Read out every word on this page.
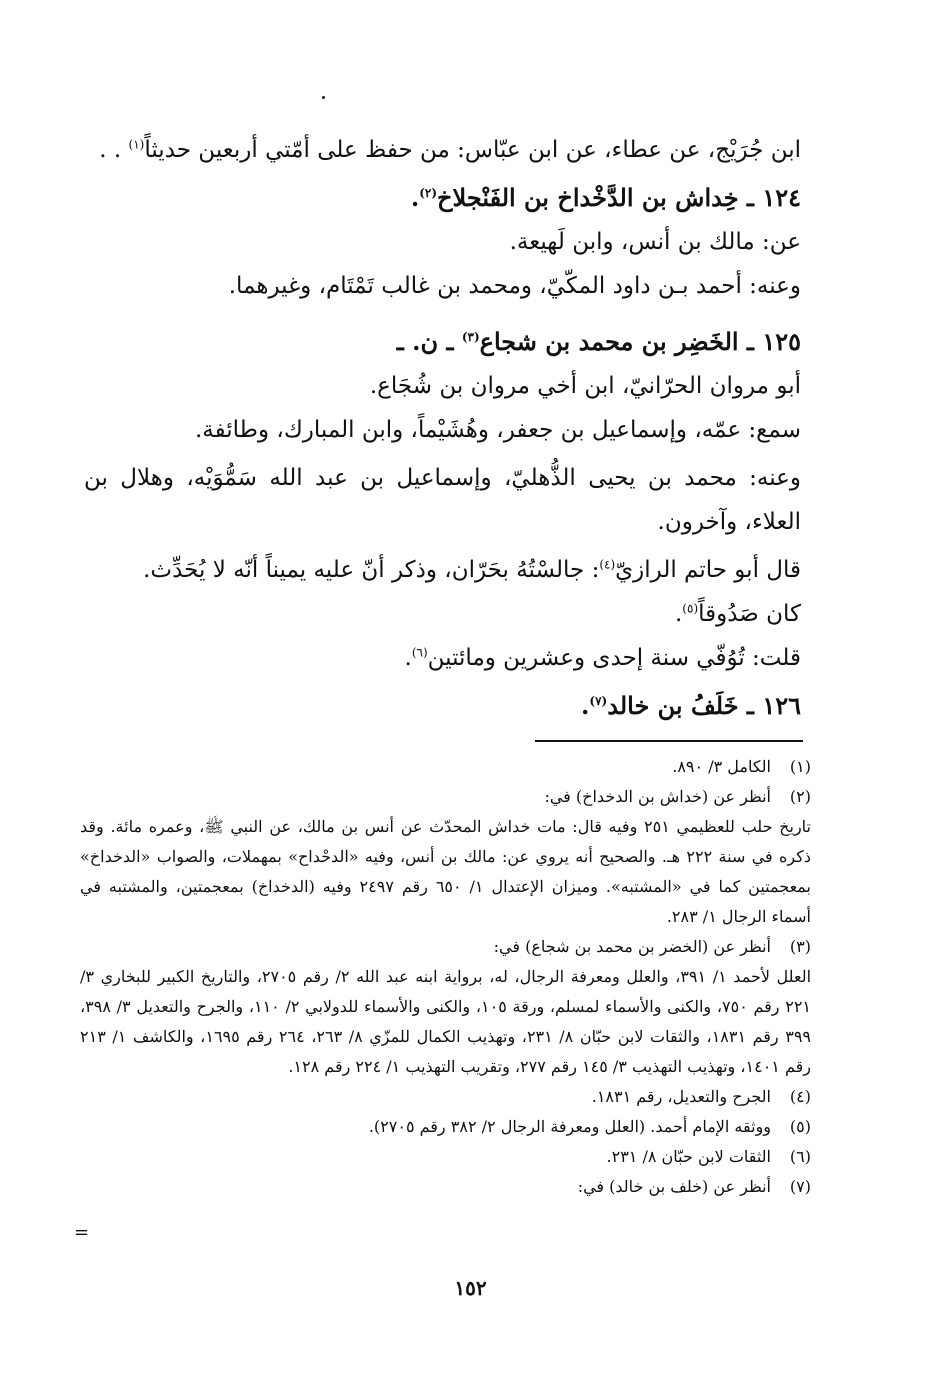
ابن جُرَيْج، عن عطاء، عن ابن عبّاس: من حفظ على أمّتي أربعين حديثاً$^{(١)}$ . .
١٢٤ ـ خِداش بن الدَّخْداخ بن الفَنْجلاخ$^{(٢)}$.
عن: مالك بن أنس، وابن لَهيعة.
وعنه: أحمد بـن داود المكّيّ، ومحمد بن غالب تَمْتَام، وغيرهما.
١٢٥ ـ الخَضِر بن محمد بن شجاع$^{(٣)}$ ـ ن. ـ
أبو مروان الحرّانيّ، ابن أخي مروان بن شُجَاع.
سمع: عمّه، وإسماعيل بن جعفر، وهُشَيْماً، وابن المبارك، وطائفة.
وعنه: محمد بن يحيى الذُّهليّ، وإسماعيل بن عبد الله سَمُّوَيْه، وهلال بن العلاء، وآخرون.
قال أبو حاتم الرازيّ$^{(٤)}$: جالسْتُهُ بحَرّان، وذكر أنّ عليه يميناً أنّه لا يُحَدِّث.
كان صَدُوقاً$^{(٥)}$.
قلت: تُوُفّي سنة إحدى وعشرين ومائتين$^{(٦)}$.
١٢٦ ـ خَلَفُ بن خالد$^{(٧)}$.
(١)
الكامل ٣/ ٨٩٠.
(٢)
أنظر عن (خداش بن الدخداخ) في:
تاريخ حلب للعظيمي ٢٥١ وفيه قال: مات خداش المحدّث عن أنس بن مالك، عن النبي ﷺ، وعمره مائة. وقد ذكره في سنة ٢٢٢ هـ. والصحيح أنه يروي عن: مالك بن أنس، وفيه «الدحْداح» بمهملات، والصواب «الدخداخ» بمعجمتين كما في «المشتبه». وميزان الإعتدال ١/ ٦٥٠ رقم ٢٤٩٧ وفيه (الدخداخ) بمعجمتين، والمشتبه في أسماء الرجال ١/ ٢٨٣.
(٣)
أنظر عن (الخضر بن محمد بن شجاع) في:
العلل لأحمد ١/ ٣٩١، والعلل ومعرفة الرجال، له، برواية ابنه عبد الله ٢/ رقم ٢٧٠٥، والتاريخ الكبير للبخاري ٣/ ٢٢١ رقم ٧٥٠، والكنى والأسماء لمسلم، ورقة ١٠٥، والكنى والأسماء للدولابي ٢/ ١١٠، والجرح والتعديل ٣/ ٣٩٨، ٣٩٩ رقم ١٨٣١، والثقات لابن حبّان ٨/ ٢٣١، وتهذيب الكمال للمزّي ٨/ ٢٦٣، ٢٦٤ رقم ١٦٩٥، والكاشف ١/ ٢١٣ رقم ١٤٠١، وتهذيب التهذيب ٣/ ١٤٥ رقم ٢٧٧، وتقريب التهذيب ١/ ٢٢٤ رقم ١٢٨.
(٤)
الجرح والتعديل، رقم ١٨٣١.
(٥)
ووثقه الإمام أحمد. (العلل ومعرفة الرجال ٢/ ٣٨٢ رقم ٢٧٠٥).
(٦)
الثقات لابن حبّان ٨/ ٢٣١.
(٧)
أنظر عن (خلف بن خالد) في:
=
١٥٢
